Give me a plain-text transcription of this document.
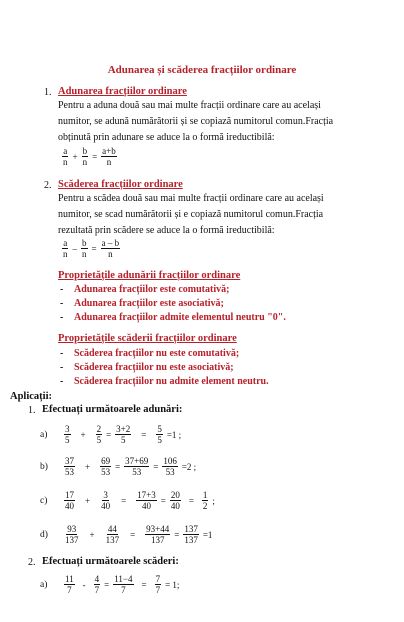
Adunarea și scăderea fracțiilor ordinare
1. Adunarea fracțiilor ordinare
Pentru a aduna două sau mai multe fracții ordinare care au același
numitor, se adună numărătorii și se copiază numitorul comun.Fracția
obținută prin adunare se aduce la o formă ireductibilă:
$\frac{a}{n} + \frac{b}{n} = \frac{a+b}{n}$
2. Scăderea fracțiilor ordinare
Pentru a scădea două sau mai multe fracții ordinare care au același
numitor, se scad numărătorii și e copiază numitorul comun.Fracția
rezultată prin scădere se aduce la o formă ireductibilă:
$\frac{a}{n} - \frac{b}{n} = \frac{a - b}{n}$
Proprietățile adunării fracțiilor ordinare
- Adunarea fracțiilor este comutativă;
- Adunarea fracțiilor este asociativă;
- Adunarea fracțiilor admite elementul neutru "0".
Proprietățile scăderii fracțiilor ordinare
- Scăderea fracțiilor nu este comutativă;
- Scăderea fracțiilor nu este asociativă;
- Scăderea fracțiilor nu admite element neutru.
Aplicații:
1. Efectuați următoarele adunări:
a)	$\frac{3}{5}$	+	$\frac{2}{5} = \frac{3+2}{5}$	=	$\frac{5}{5} =1$ ;
b)	$\frac{37}{53}$	+	$\frac{69}{53} = \frac{37+69}{53} = \frac{106}{53} =2$ ;
c)	$\frac{17}{40}$	+	$\frac{3}{40}$	=	$\frac{17+3}{40} = \frac{20}{40} = \frac{1}{2}$ ;
d)	$\frac{93}{137}$	+	$\frac{44}{137}$	=	$\frac{93+44}{137} = \frac{137}{137} =1$
2. Efectuați următoarele scăderi:
a)	$\frac{11}{7} - \frac{4}{7} = \frac{11-4}{7} = \frac{7}{7} = 1$;
